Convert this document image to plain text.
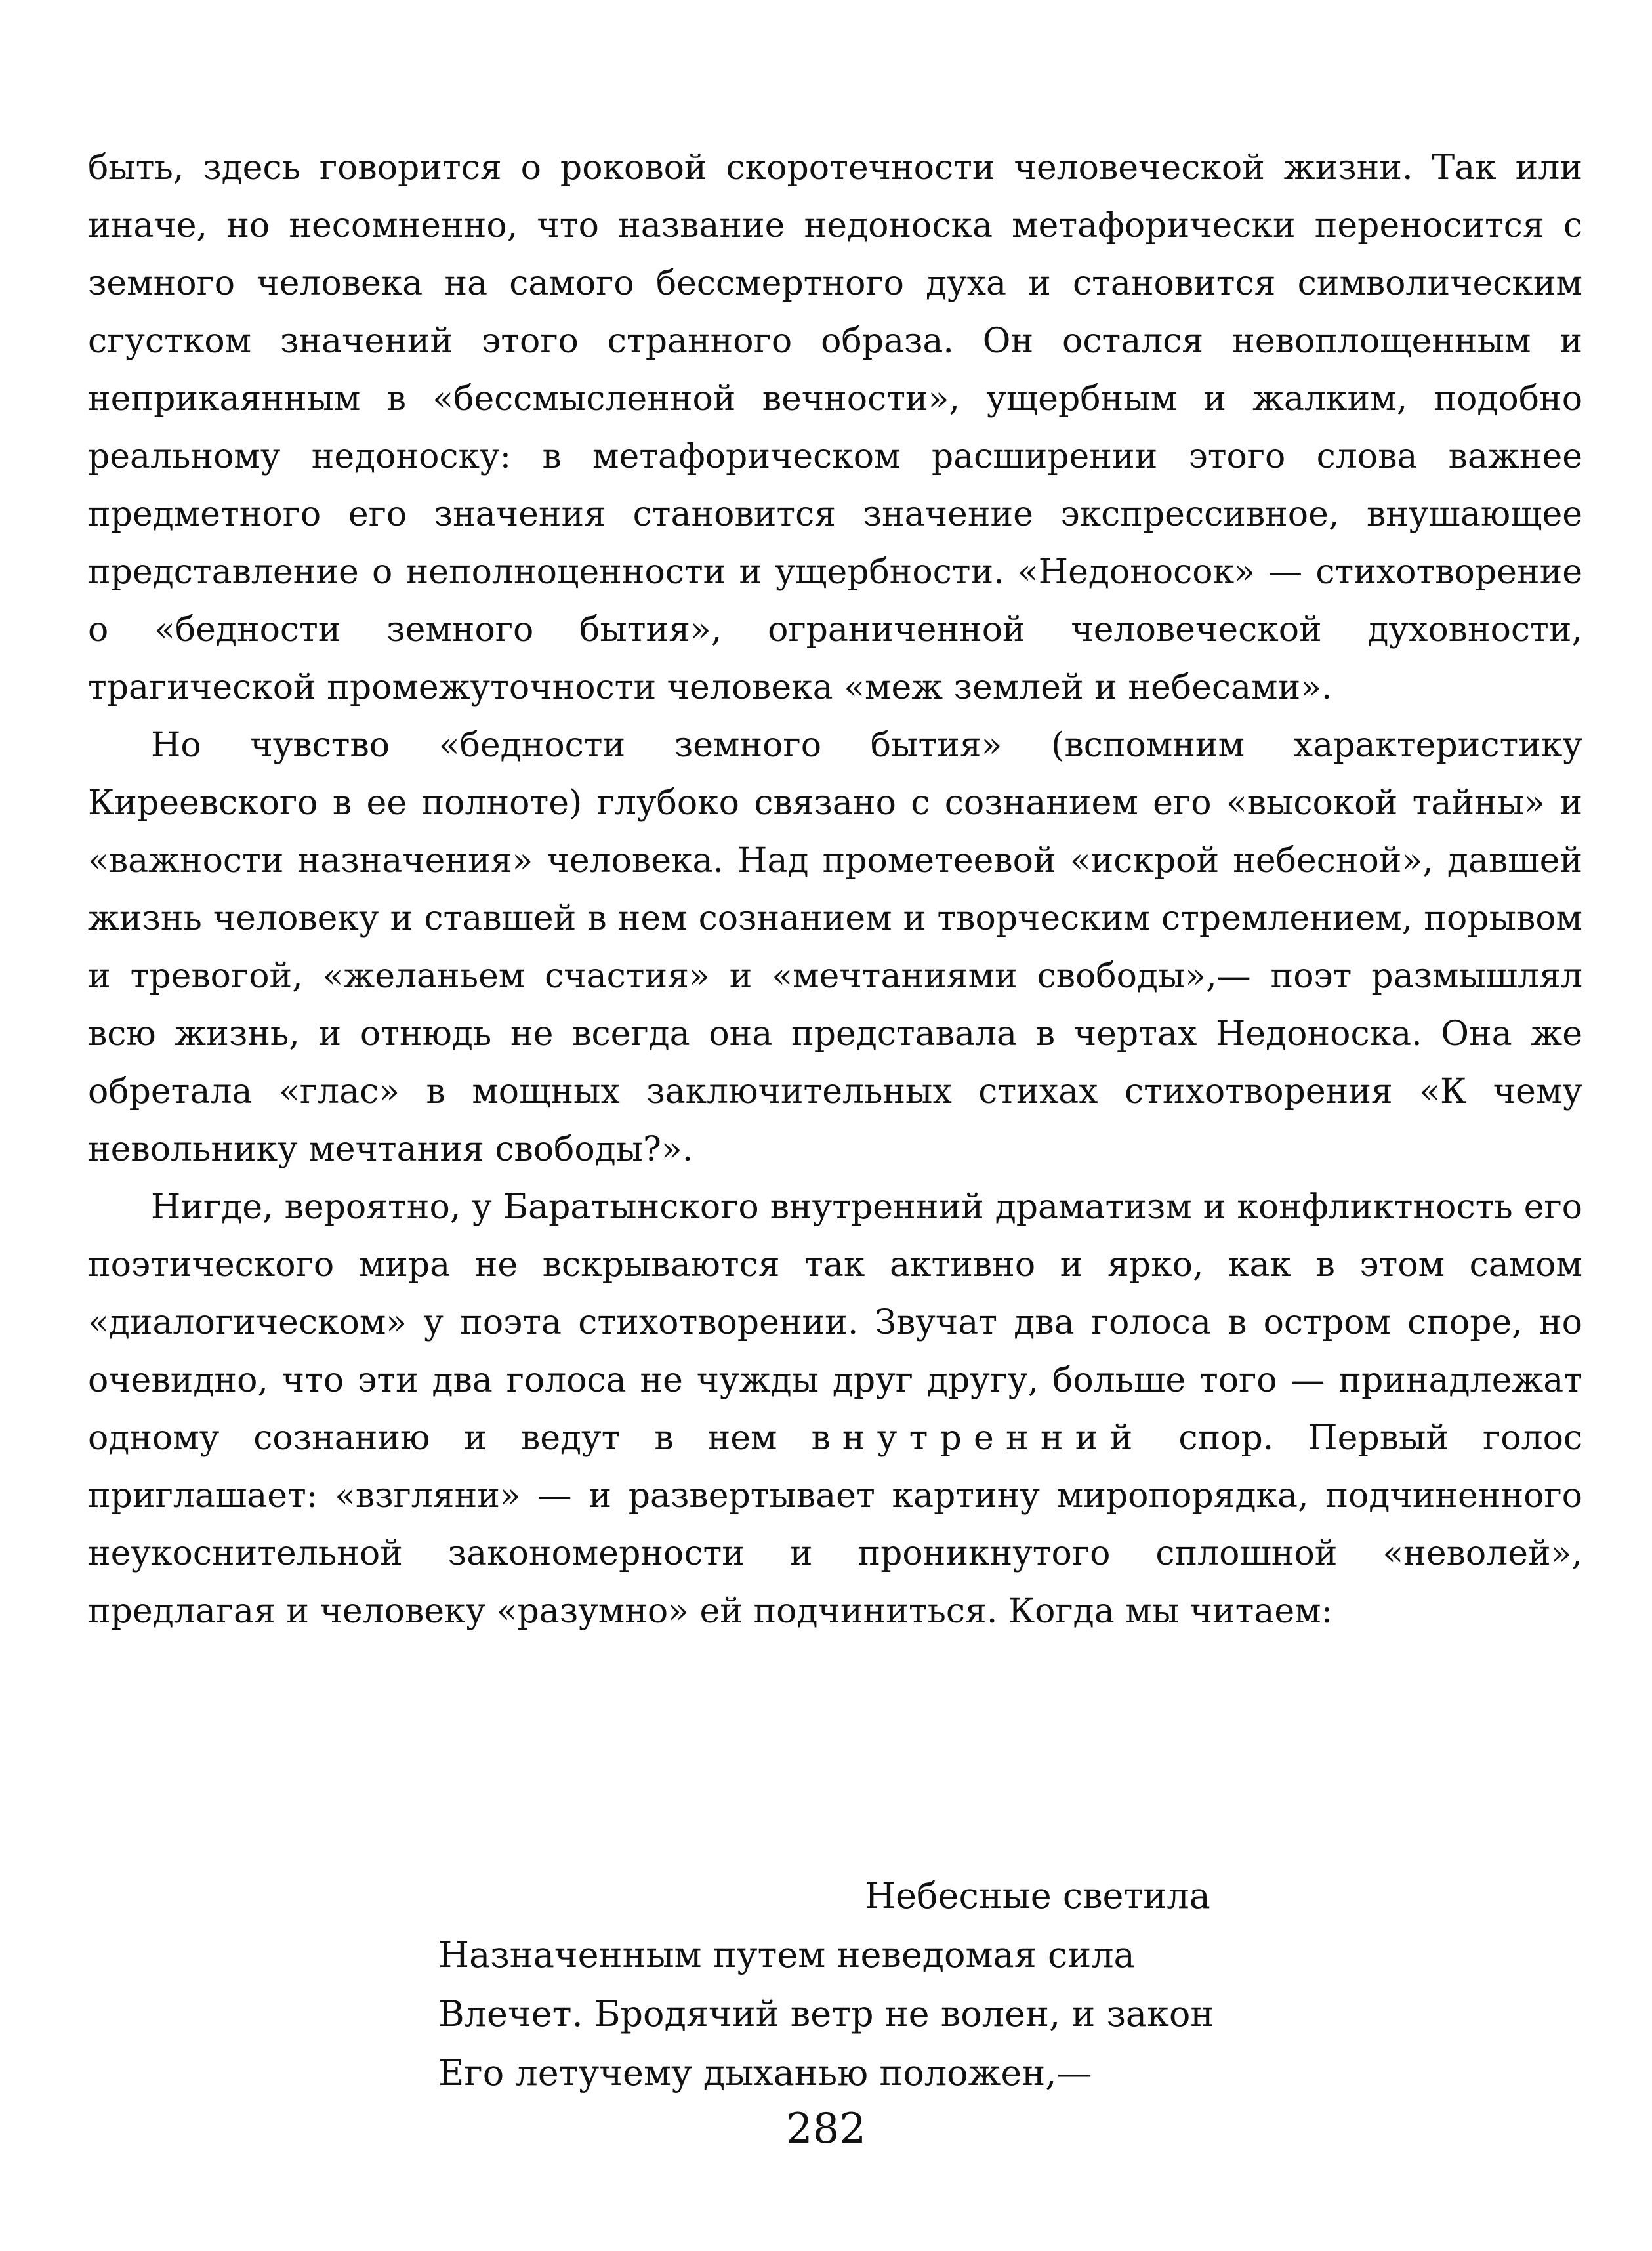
быть, здесь говорится о роковой скоротечности человеческой жизни. Так или иначе, но несомненно, что название недоноска метафорически переносится с земного человека на самого бессмертного духа и становится символическим сгустком значений этого странного образа. Он остался невоплощенным и неприкаянным в «бессмысленной вечности», ущербным и жалким, подобно реальному недоноску: в метафорическом расширении этого слова важнее предметного его значения становится значение экспрессивное, внушающее представление о неполноценности и ущербности. «Недоносок» — стихотворение о «бедности земного бытия», ограниченной человеческой духовности, трагической промежуточности человека «меж землей и небесами».

Но чувство «бедности земного бытия» (вспомним характеристику Киреевского в ее полноте) глубоко связано с сознанием его «высокой тайны» и «важности назначения» человека. Над прометеевой «искрой небесной», давшей жизнь человеку и ставшей в нем сознанием и творческим стремлением, порывом и тревогой, «желаньем счастия» и «мечтаниями свободы»,— поэт размышлял всю жизнь, и отнюдь не всегда она представала в чертах Недоноска. Она же обретала «глас» в мощных заключительных стихах стихотворения «К чему невольнику мечтания свободы?».

Нигде, вероятно, у Баратынского внутренний драматизм и конфликтность его поэтического мира не вскрываются так активно и ярко, как в этом самом «диалогическом» у поэта стихотворении. Звучат два голоса в остром споре, но очевидно, что эти два голоса не чужды друг другу, больше того — принадлежат одному сознанию и ведут в нем внутренний спор. Первый голос приглашает: «взгляни» — и развертывает картину миропорядка, подчиненного неукоснительной закономерности и проникнутого сплошной «неволей», предлагая и человеку «разумно» ей подчиниться. Когда мы читаем:

Небесные светила
Назначенным путем неведомая сила
Влечет. Бродячий ветр не волен, и закон
Его летучему дыханью положен,—
282
